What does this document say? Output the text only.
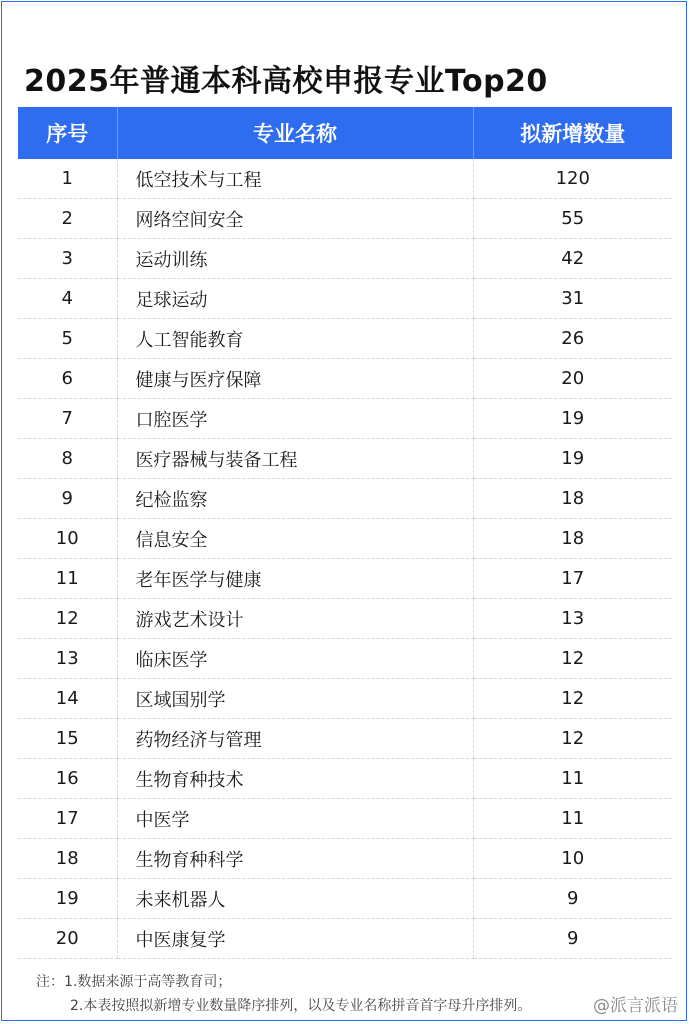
2025年普通本科高校申报专业Top20
序号	专业名称	拟新增数量
1	低空技术与工程	120
2	网络空间安全	55
3	运动训练	42
4	足球运动	31
5	人工智能教育	26
6	健康与医疗保障	20
7	口腔医学	19
8	医疗器械与装备工程	19
9	纪检监察	18
10	信息安全	18
11	老年医学与健康	17
12	游戏艺术设计	13
13	临床医学	12
14	区域国别学	12
15	药物经济与管理	12
16	生物育种技术	11
17	中医学	11
18	生物育种科学	10
19	未来机器人	9
20	中医康复学	9
注：1.数据来源于高等教育司；
2.本表按照拟新增专业数量降序排列，以及专业名称拼音首字母升序排列。	@派言派语
